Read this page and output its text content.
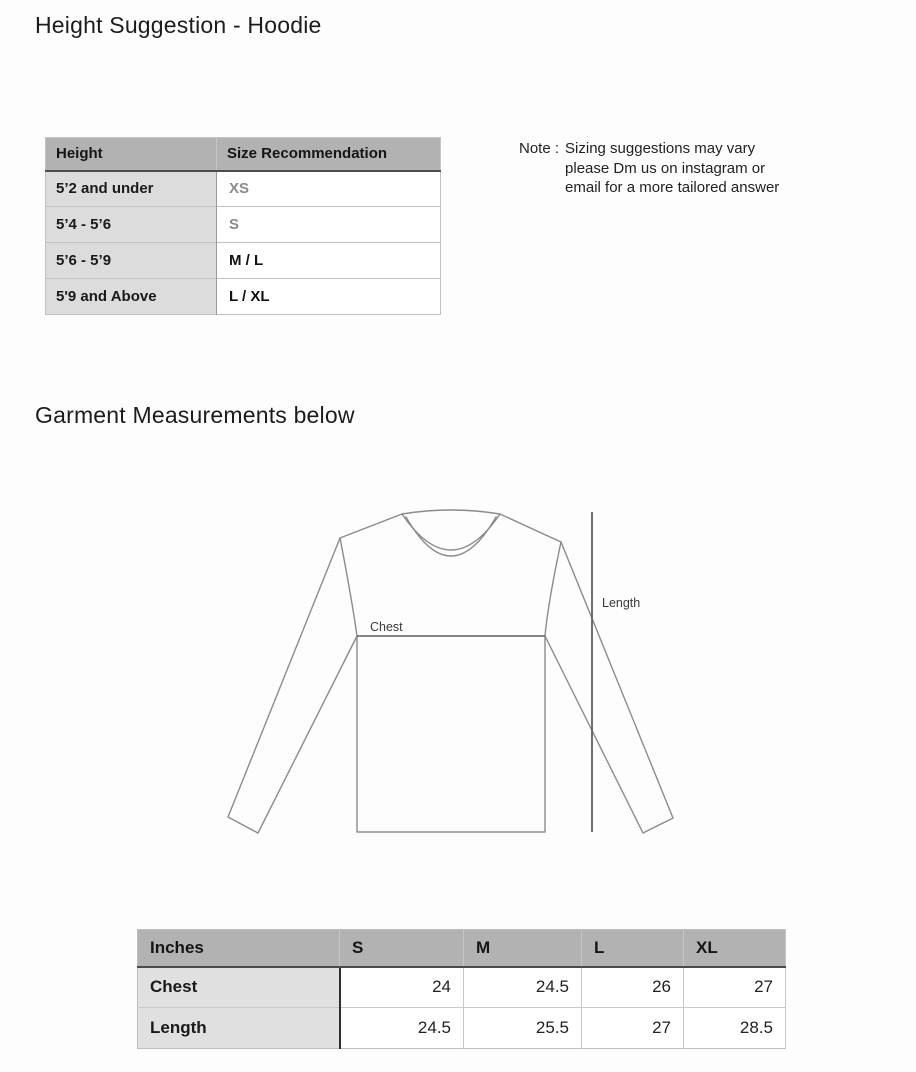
Height Suggestion - Hoodie
Garment Measurements below
Height	Size Recommendation
5’2 and under	XS
5’4 - 5’6	S
5’6 - 5’9	M / L
5'9 and Above	L / XL
Note : Sizing suggestions may vary
please Dm us on instagram or
email for a more tailored answer
Chest
Length
Inches	S	M	L	XL
Chest	24	24.5	26	27
Length	24.5	25.5	27	28.5
